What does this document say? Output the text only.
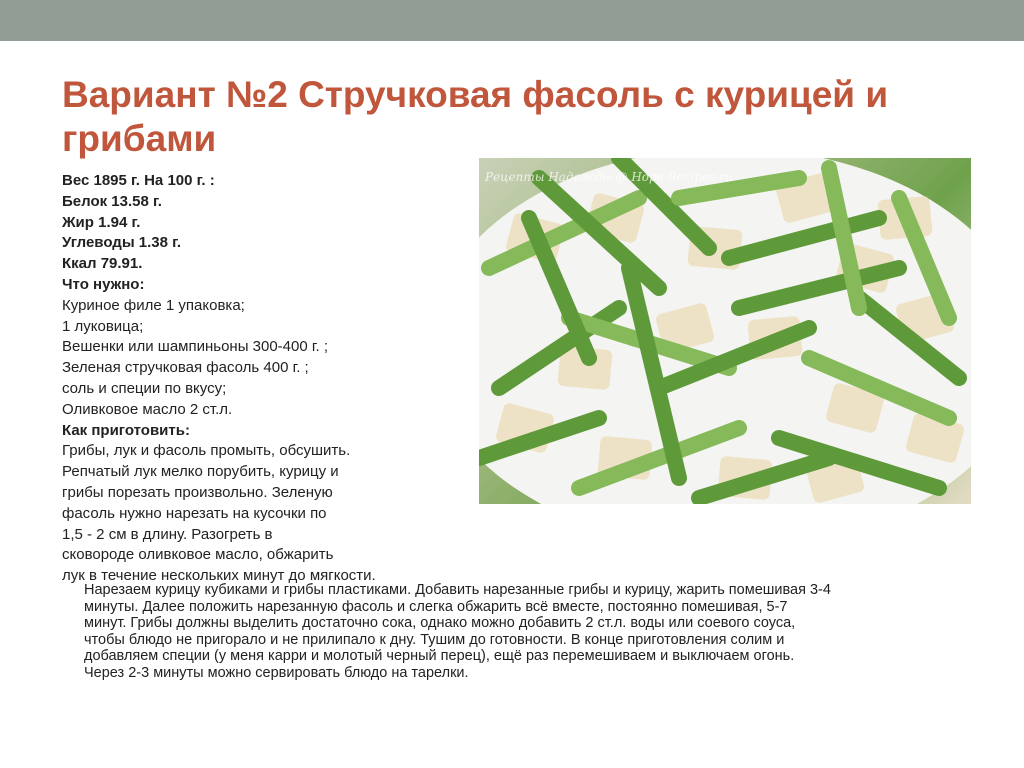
Вариант №2 Стручковая фасоль с курицей и грибами
Вес 1895 г. На 100 г. :
Белок 13.58 г.
Жир 1.94 г.
Углеводы 1.38 г.
Ккал 79.91.
Что нужно:
Куриное филе 1 упаковка;
1 луковица;
Вешенки или шампиньоны 300-400 г. ;
Зеленая стручковая фасоль 400 г. ;
соль и специи по вкусу;
Оливковое масло 2 ст.л.
Как приготовить:
Грибы, лук и фасоль промыть, обсушить.
Репчатый лук мелко порубить, курицу и
грибы порезать произвольно. Зеленую
фасоль нужно нарезать на кусочки по
1,5 - 2 см в длину. Разогреть в
сковороде оливковое масло, обжарить
лук в течение нескольких минут до мягкости.
Рецепты Надежды @ Hope-Recipes.ru
Нарезаем курицу кубиками и грибы пластиками. Добавить нарезанные грибы и курицу, жарить помешивая 3-4
минуты. Далее положить нарезанную фасоль и слегка обжарить всё вместе, постоянно помешивая, 5-7
минут. Грибы должны выделить достаточно сока, однако можно добавить 2 ст.л. воды или соевого соуса,
чтобы блюдо не пригорало и не прилипало к дну. Тушим до готовности. В конце приготовления солим и
добавляем специи (у меня карри и молотый черный перец), ещё раз перемешиваем и выключаем огонь.
Через 2-3 минуты можно сервировать блюдо на тарелки.
